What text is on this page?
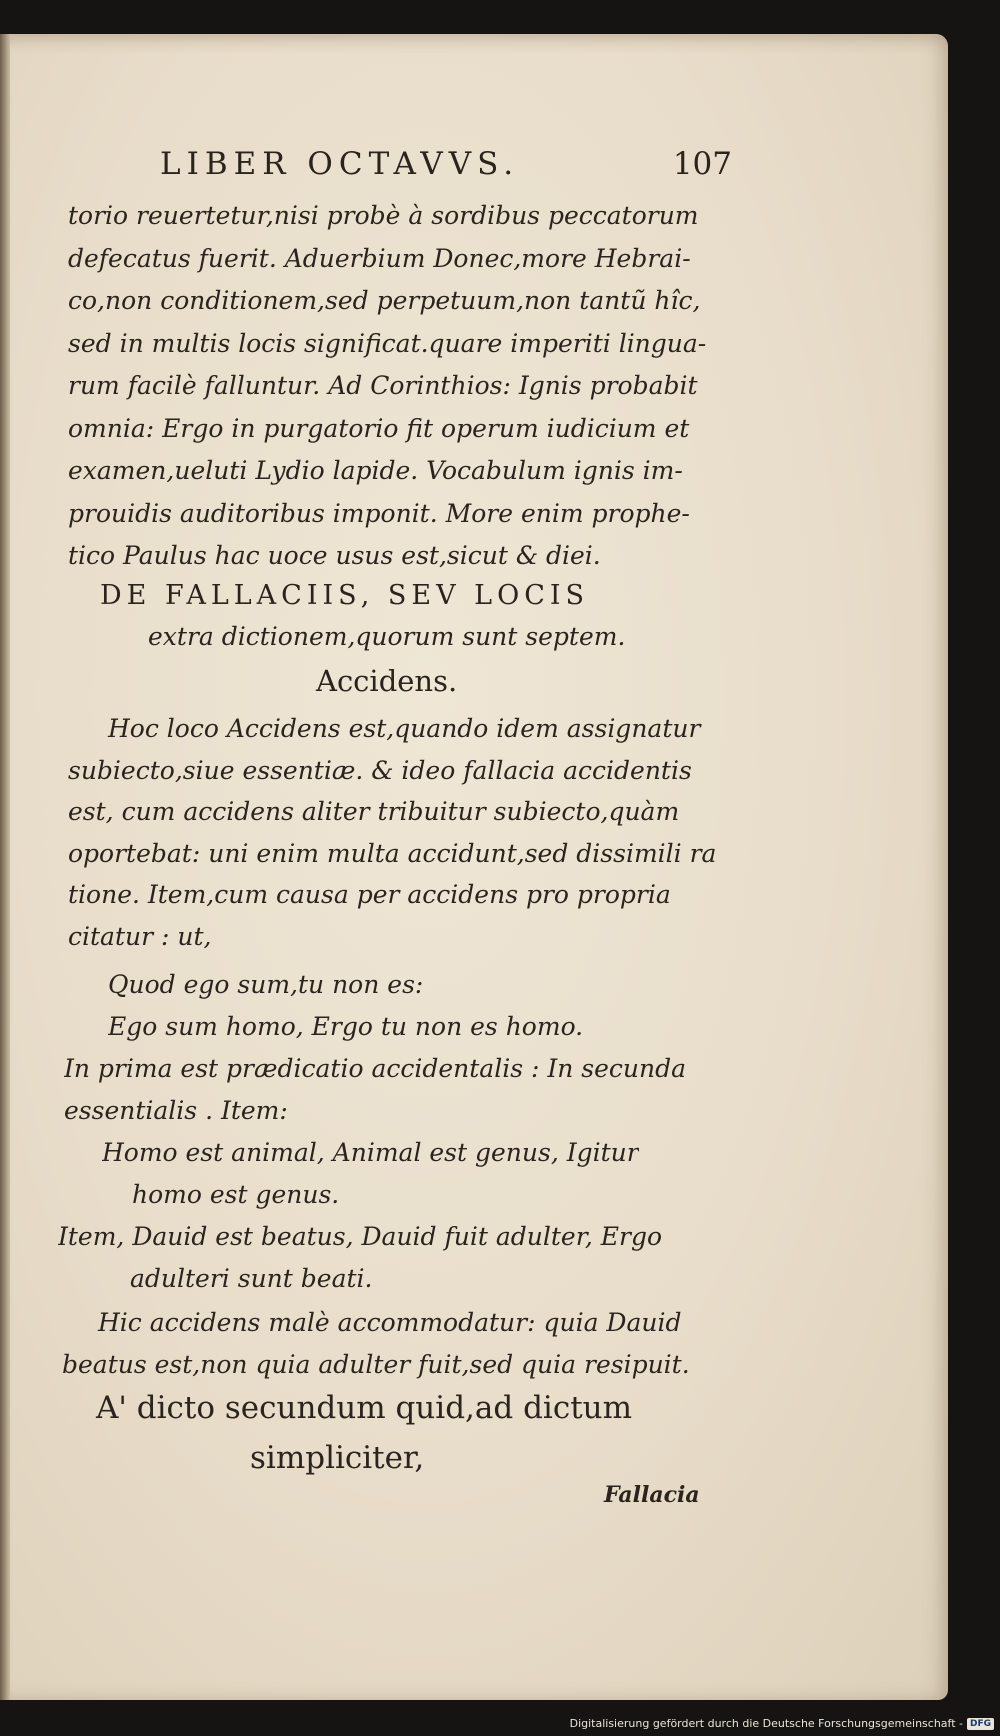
LIBER OCTAVVS.	107
torio reuertetur,nisi probè à sordibus peccatorum
defecatus fuerit. Aduerbium Donec,more Hebrai-
co,non conditionem,sed perpetuum,non tantũ hîc,
sed in multis locis significat.quare imperiti lingua-
rum facilè falluntur. Ad Corinthios: Ignis probabit
omnia: Ergo in purgatorio fit operum iudicium et
examen,ueluti Lydio lapide. Vocabulum ignis im-
prouidis auditoribus imponit. More enim prophe-
tico Paulus hac uoce usus est,sicut & diei.
DE FALLACIIS, SEV LOCIS
extra dictionem,quorum sunt septem.
Accidens.
Hoc loco Accidens est,quando idem assignatur
subiecto,siue essentiæ. & ideo fallacia accidentis
est, cum accidens aliter tribuitur subiecto,quàm
oportebat: uni enim multa accidunt,sed dissimili ra
tione. Item,cum causa per accidens pro propria
citatur : ut,
Quod ego sum,tu non es:
Ego sum homo, Ergo tu non es homo.
In prima est prædicatio accidentalis : In secunda
essentialis . Item:
Homo est animal, Animal est genus, Igitur
homo est genus.
Item, Dauid est beatus, Dauid fuit adulter, Ergo
adulteri sunt beati.
Hic accidens malè accommodatur: quia Dauid
beatus est,non quia adulter fuit,sed quia resipuit.
A' dicto secundum quid,ad dictum
simpliciter,
Fallacia
Digitalisierung gefördert durch die Deutsche Forschungsgemeinschaft - DFG
